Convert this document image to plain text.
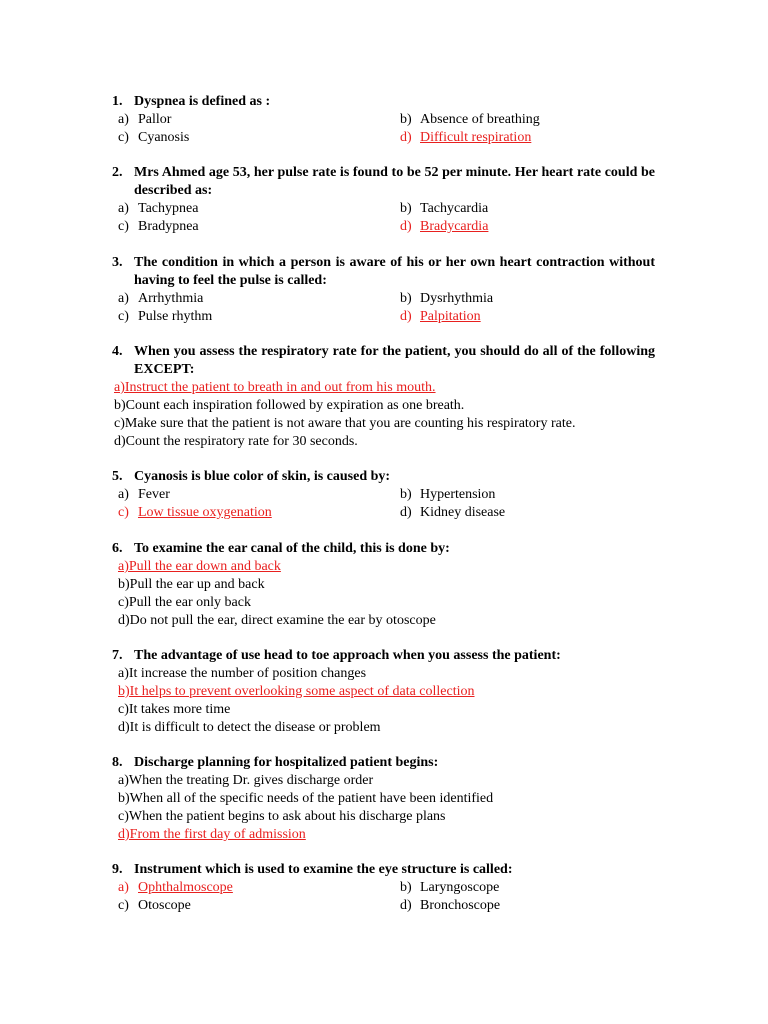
1. Dyspnea is defined as :

a) Pallor	b) Absence of breathing
c) Cyanosis	d) Difficult respiration

2. Mrs Ahmed age 53, her pulse rate is found to be 52 per minute. Her heart rate could be described as:

a) Tachypnea	b) Tachycardia
c) Bradypnea	d) Bradycardia

3. The condition in which a person is aware of his or her own heart contraction without having to feel the pulse is called:

a) Arrhythmia	b) Dysrhythmia
c) Pulse rhythm	d) Palpitation

4. When you assess the respiratory rate for the patient, you should do all of the following EXCEPT:

a)Instruct the patient to breath in and out from his mouth.
b)Count each inspiration followed by expiration as one breath.
c)Make sure that the patient is not aware that you are counting his respiratory rate.
d)Count the respiratory rate for 30 seconds.

5. Cyanosis is blue color of skin, is caused by:

a) Fever	b) Hypertension
c) Low tissue oxygenation	d) Kidney disease

6. To examine the ear canal of the child, this is done by:

a)Pull the ear down and back
b)Pull the ear up and back
c)Pull the ear only back
d)Do not pull the ear, direct examine the ear by otoscope

7. The advantage of use head to toe approach when you assess the patient:

a)It increase the number of position changes
b)It helps to prevent overlooking some aspect of data collection
c)It takes more time
d)It is difficult to detect the disease or problem

8. Discharge planning for hospitalized patient begins:

a)When the treating Dr. gives discharge order
b)When all of the specific needs of the patient have been identified
c)When the patient begins to ask about his discharge plans
d)From the first day of admission

9. Instrument which is used to examine the eye structure is called:

a) Ophthalmoscope	b) Laryngoscope
c) Otoscope	d) Bronchoscope
